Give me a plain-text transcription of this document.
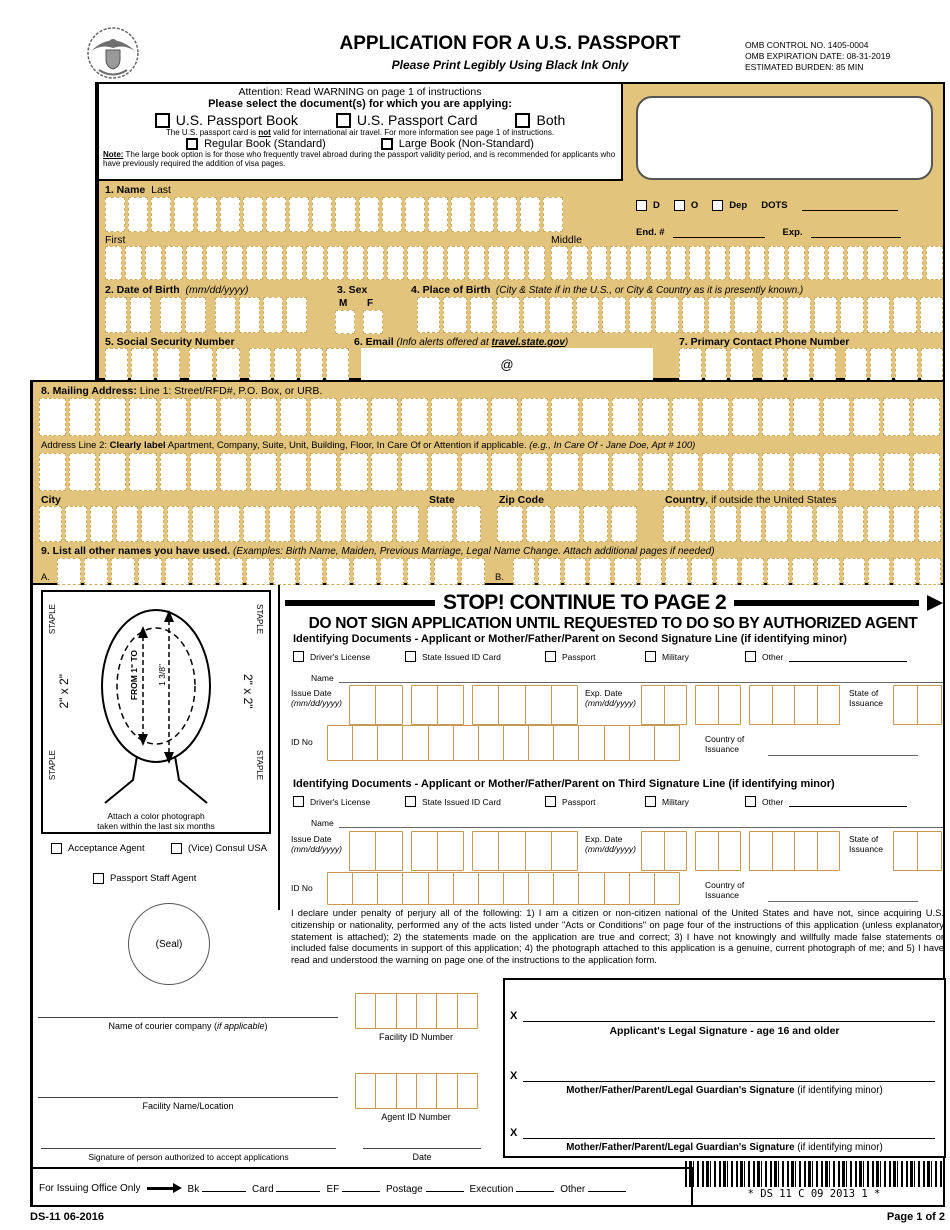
APPLICATION FOR A U.S. PASSPORT
Please Print Legibly Using Black Ink Only
OMB CONTROL NO. 1405-0004
OMB EXPIRATION DATE: 08-31-2019
ESTIMATED BURDEN: 85 MIN
Attention: Read WARNING on page 1 of instructions
Please select the document(s) for which you are applying:
U.S. Passport Book	U.S. Passport Card	Both
The U.S. passport card is not valid for international air travel. For more information see page 1 of instructions.
Regular Book (Standard)	Large Book (Non-Standard)
Note: The large book option is for those who frequently travel abroad during the passport validity period, and is recommended for applicants who have previously required the addition of visa pages.
1. Name Last
D	O	Dep DOTS
End. #	Exp.
First	Middle
2. Date of Birth (mm/dd/yyyy)	3. Sex
M F
4. Place of Birth (City & State if in the U.S., or City & Country as it is presently known.)
5. Social Security Number	6. Email (Info alerts offered at travel.state.gov)
@
7. Primary Contact Phone Number
8. Mailing Address: Line 1: Street/RFD#, P.O. Box, or URB.
Address Line 2: Clearly label Apartment, Company, Suite, Unit, Building, Floor, In Care Of or Attention if applicable. (e.g., In Care Of - Jane Doe, Apt # 100)
City	State	Zip Code	Country, if outside the United States
9. List all other names you have used. (Examples: Birth Name, Maiden, Previous Marriage, Legal Name Change. Attach additional pages if needed)
A.	B.
STAPLE
STAPLE
STAPLE
STAPLE
2" x 2"	2" x 2"
FROM 1" TO 1 3/8"
Attach a color photograph
taken within the last six months
Acceptance Agent	(Vice) Consul USA
Passport Staff Agent
(Seal)
Name of courier company (if applicable)
Facility Name/Location
Signature of person authorized to accept applications
Facility ID Number
Agent ID Number
Date
STOP! CONTINUE TO PAGE 2
DO NOT SIGN APPLICATION UNTIL REQUESTED TO DO SO BY AUTHORIZED AGENT
Identifying Documents - Applicant or Mother/Father/Parent on Second Signature Line (if identifying minor)
Driver's License	State Issued ID Card	Passport	Military	Other
Name
Issue Date
(mm/dd/yyyy)
Exp. Date
(mm/dd/yyyy)
State of
Issuance
ID No	Country of
Issuance
Identifying Documents - Applicant or Mother/Father/Parent on Third Signature Line (if identifying minor)
Driver's License	State Issued ID Card	Passport	Military	Other
Name
Issue Date
(mm/dd/yyyy)
Exp. Date
(mm/dd/yyyy)
State of
Issuance
ID No	Country of
Issuance
I declare under penalty of perjury all of the following: 1) I am a citizen or non-citizen national of the United States and have not, since acquiring U.S. citizenship or nationality, performed any of the acts listed under "Acts or Conditions" on page four of the instructions of this application (unless explanatory statement is attached); 2) the statements made on the application are true and correct; 3) I have not knowingly and willfully made false statements or included false documents in support of this application; 4) the photograph attached to this application is a genuine, current photograph of me; and 5) I have read and understood the warning on page one of the instructions to the application form.
X
Applicant's Legal Signature - age 16 and older
X
Mother/Father/Parent/Legal Guardian's Signature (if identifying minor)
X
Mother/Father/Parent/Legal Guardian's Signature (if identifying minor)
* DS 11 C 09 2013 1 *
For Issuing Office Only	Bk	Card	EF	Postage	Execution	Other
DS-11 06-2016	Page 1 of 2
